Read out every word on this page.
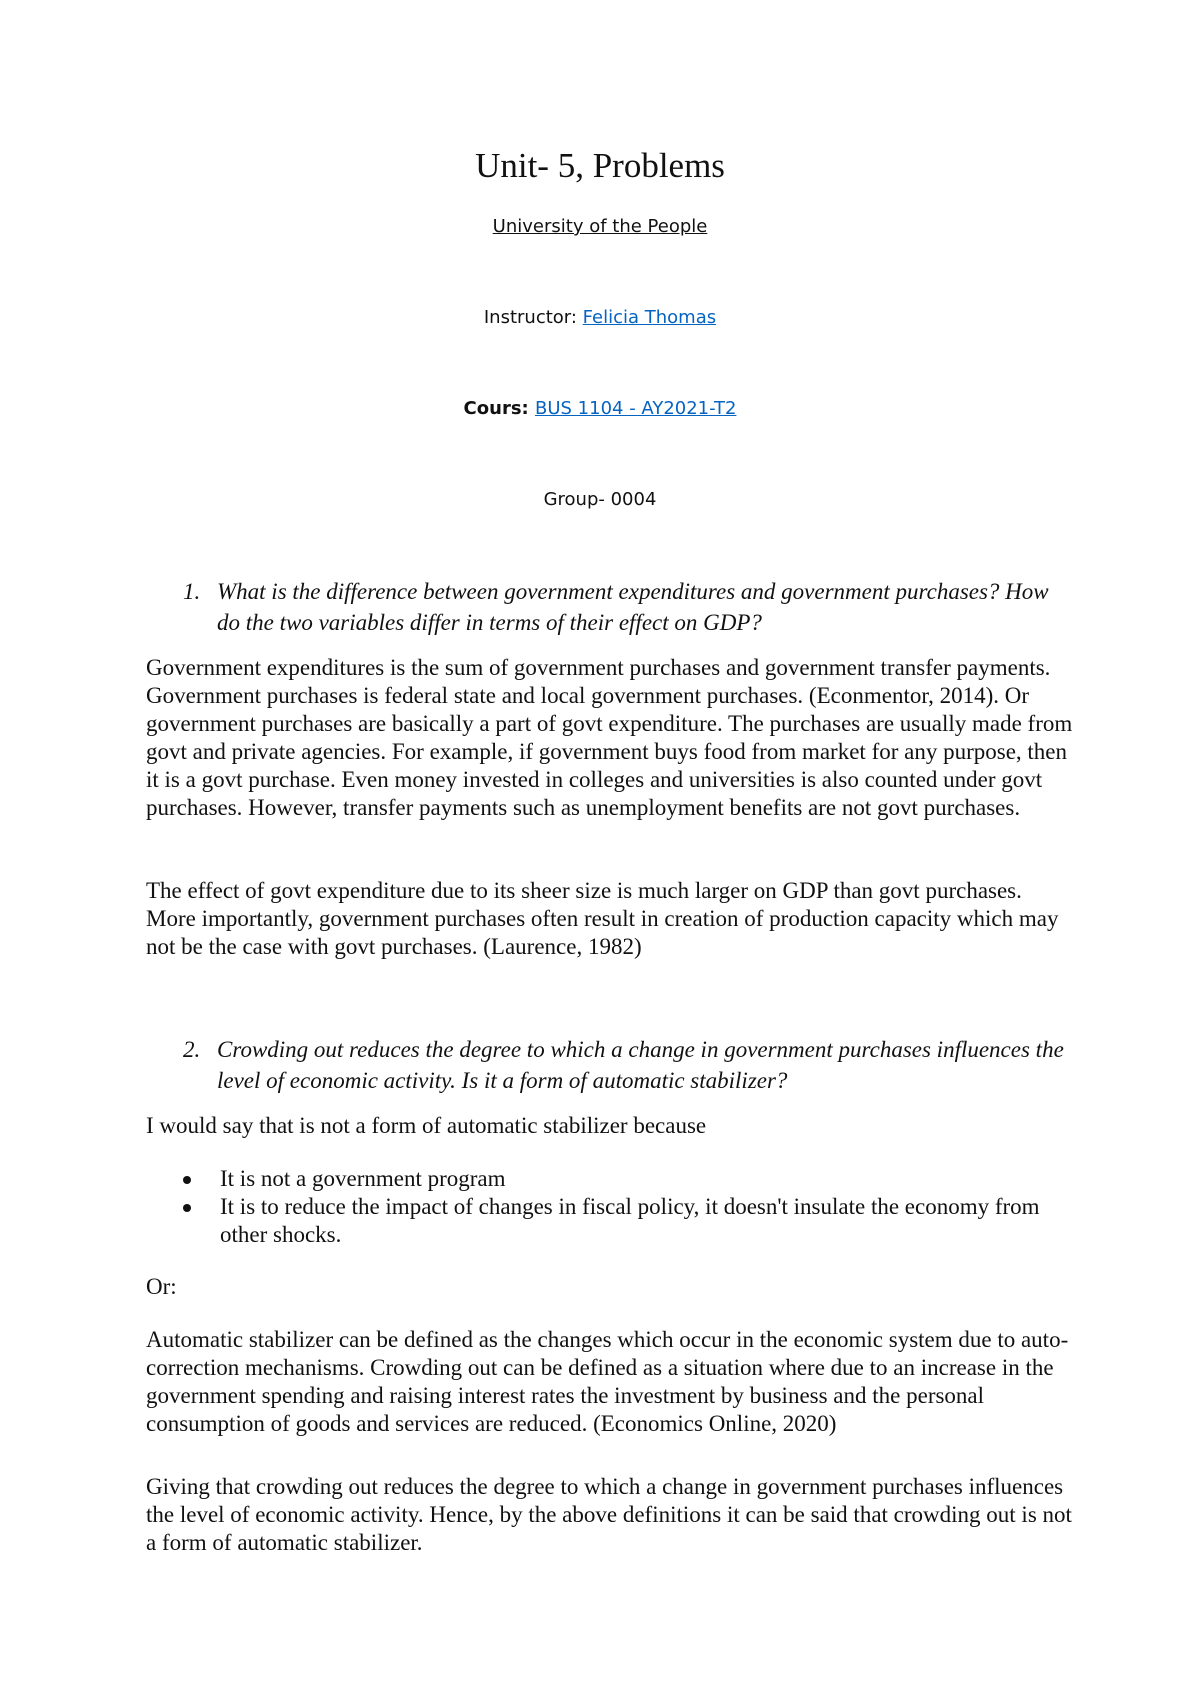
Unit- 5, Problems
University of the People
Instructor: Felicia Thomas
Cours: BUS 1104 - AY2021-T2
Group- 0004
1. What is the difference between government expenditures and government purchases? How do the two variables differ in terms of their effect on GDP?

Government expenditures is the sum of government purchases and government transfer payments. Government purchases is federal state and local government purchases. (Econmentor, 2014). Or government purchases are basically a part of govt expenditure. The purchases are usually made from govt and private agencies. For example, if government buys food from market for any purpose, then it is a govt purchase. Even money invested in colleges and universities is also counted under govt purchases. However, transfer payments such as unemployment benefits are not govt purchases.

The effect of govt expenditure due to its sheer size is much larger on GDP than govt purchases. More importantly, government purchases often result in creation of production capacity which may not be the case with govt purchases. (Laurence, 1982)

2. Crowding out reduces the degree to which a change in government purchases influences the level of economic activity. Is it a form of automatic stabilizer?

I would say that is not a form of automatic stabilizer because

It is not a government program
It is to reduce the impact of changes in fiscal policy, it doesn't insulate the economy from other shocks.

Or:

Automatic stabilizer can be defined as the changes which occur in the economic system due to auto-correction mechanisms. Crowding out can be defined as a situation where due to an increase in the government spending and raising interest rates the investment by business and the personal consumption of goods and services are reduced. (Economics Online, 2020)

Giving that crowding out reduces the degree to which a change in government purchases influences the level of economic activity. Hence, by the above definitions it can be said that crowding out is not a form of automatic stabilizer.
